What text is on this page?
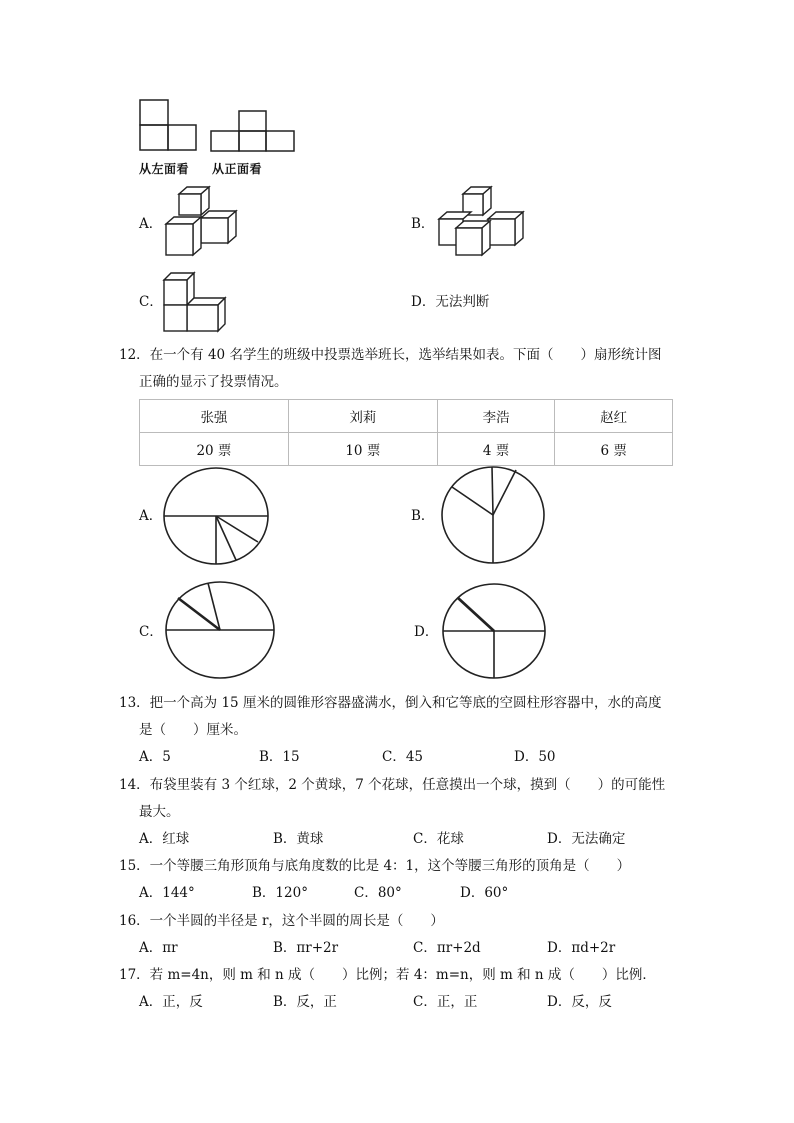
从左面看 从正面看
A．	B．
C．	D．无法判断
12．在一个有 40 名学生的班级中投票选举班长，选举结果如表。下面（　　）扇形统计图
正确的显示了投票情况。
张强	刘莉	李浩	赵红
20 票	10 票	4 票	6 票
A．	B．
C．	D．
13．把一个高为 15 厘米的圆锥形容器盛满水，倒入和它等底的空圆柱形容器中，水的高度
是（　　）厘米。
A．5	B．15	C．45	D．50
14．布袋里装有 3 个红球，2 个黄球，7 个花球，任意摸出一个球，摸到（　　）的可能性
最大。
A．红球	B．黄球	C．花球	D．无法确定
15．一个等腰三角形顶角与底角度数的比是 4：1，这个等腰三角形的顶角是（　　）
A．144°	B．120°	C．80°	D．60°
16．一个半圆的半径是 r，这个半圆的周长是（　　）
A．πr	B．πr+2r	C．πr+2d	D．πd+2r
17．若 m=4n，则 m 和 n 成（　　）比例；若 4：m=n，则 m 和 n 成（　　）比例．
A．正，反	B．反，正	C．正，正	D．反，反
